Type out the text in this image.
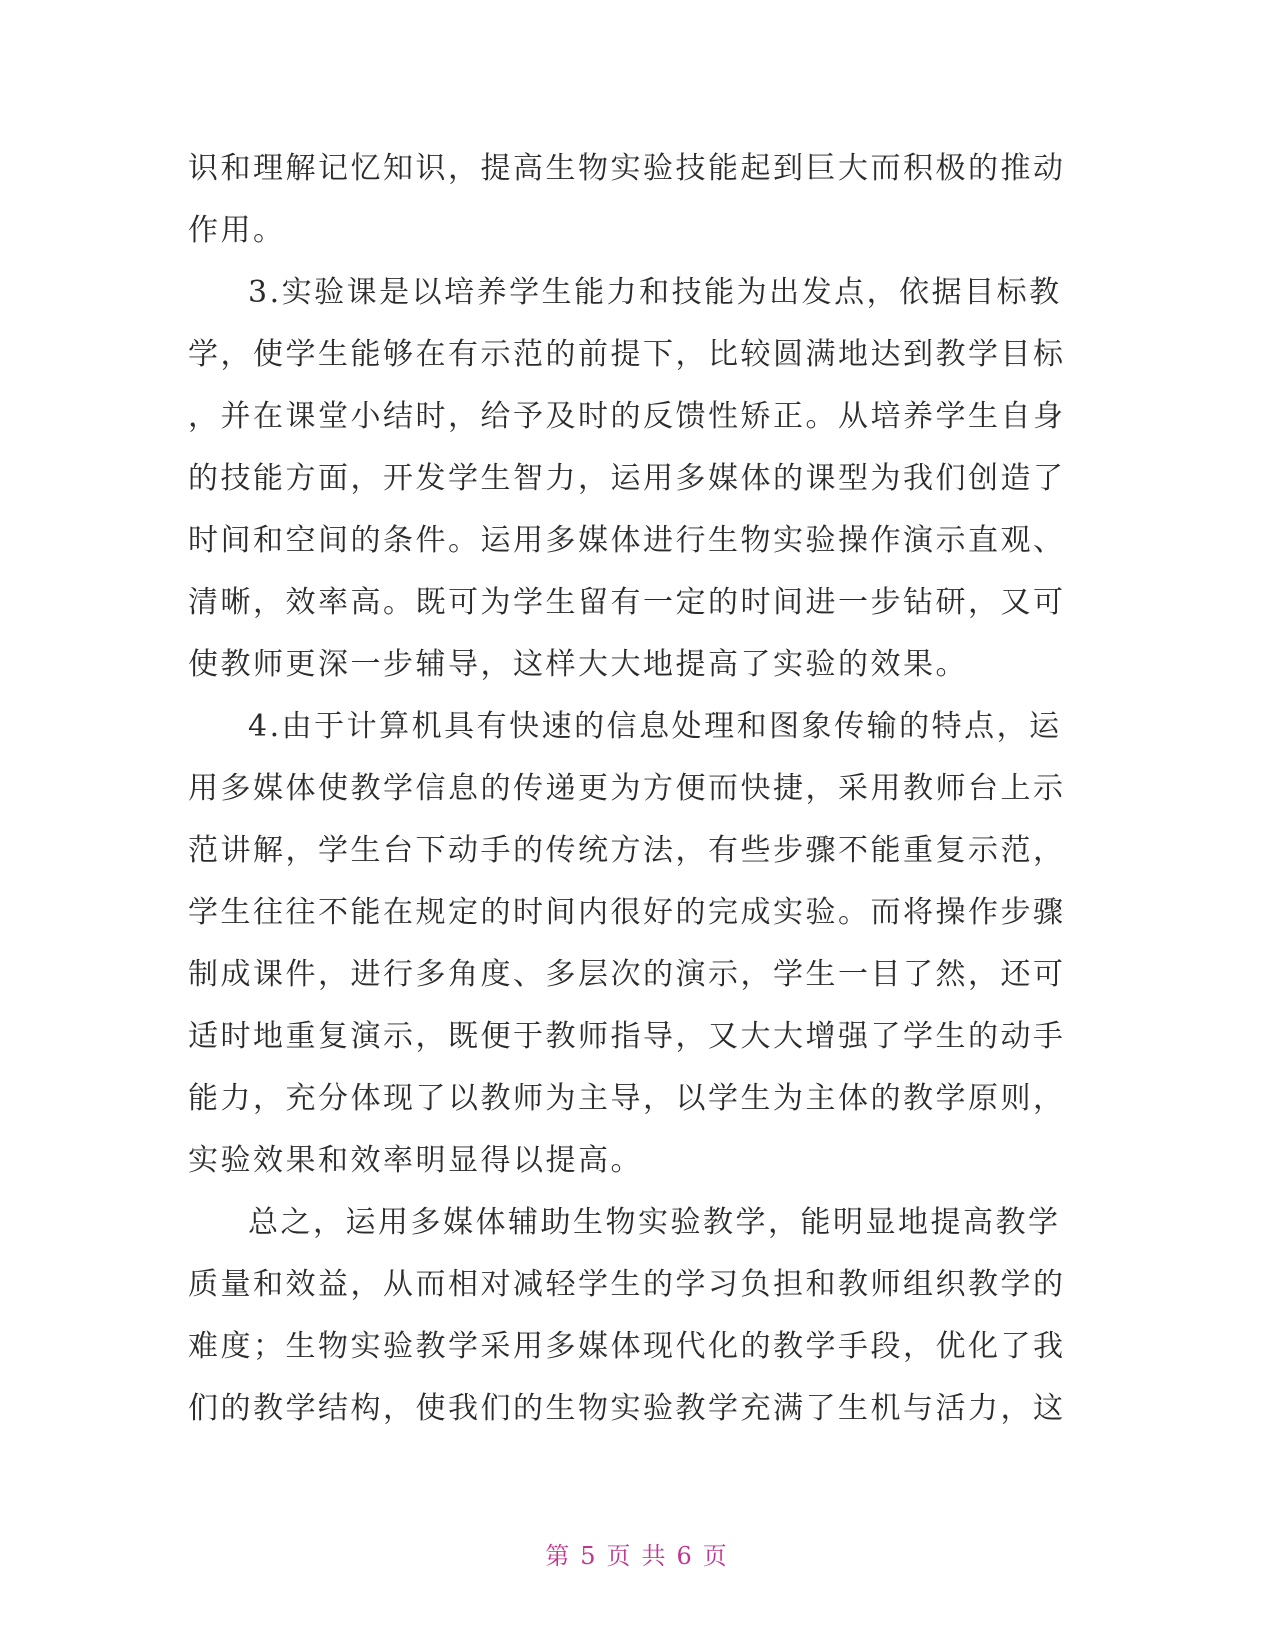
识和理解记忆知识，提高生物实验技能起到巨大而积极的推动
作用。
3.实验课是以培养学生能力和技能为出发点，依据目标教
学，使学生能够在有示范的前提下，比较圆满地达到教学目标
，并在课堂小结时，给予及时的反馈性矫正。从培养学生自身
的技能方面，开发学生智力，运用多媒体的课型为我们创造了
时间和空间的条件。运用多媒体进行生物实验操作演示直观、
清晰，效率高。既可为学生留有一定的时间进一步钻研，又可
使教师更深一步辅导，这样大大地提高了实验的效果。
4.由于计算机具有快速的信息处理和图象传输的特点，运
用多媒体使教学信息的传递更为方便而快捷，采用教师台上示
范讲解，学生台下动手的传统方法，有些步骤不能重复示范，
学生往往不能在规定的时间内很好的完成实验。而将操作步骤
制成课件，进行多角度、多层次的演示，学生一目了然，还可
适时地重复演示，既便于教师指导，又大大增强了学生的动手
能力，充分体现了以教师为主导，以学生为主体的教学原则，
实验效果和效率明显得以提高。
总之，运用多媒体辅助生物实验教学，能明显地提高教学
质量和效益，从而相对减轻学生的学习负担和教师组织教学的
难度；生物实验教学采用多媒体现代化的教学手段，优化了我
们的教学结构，使我们的生物实验教学充满了生机与活力，这
第 5 页 共 6 页
